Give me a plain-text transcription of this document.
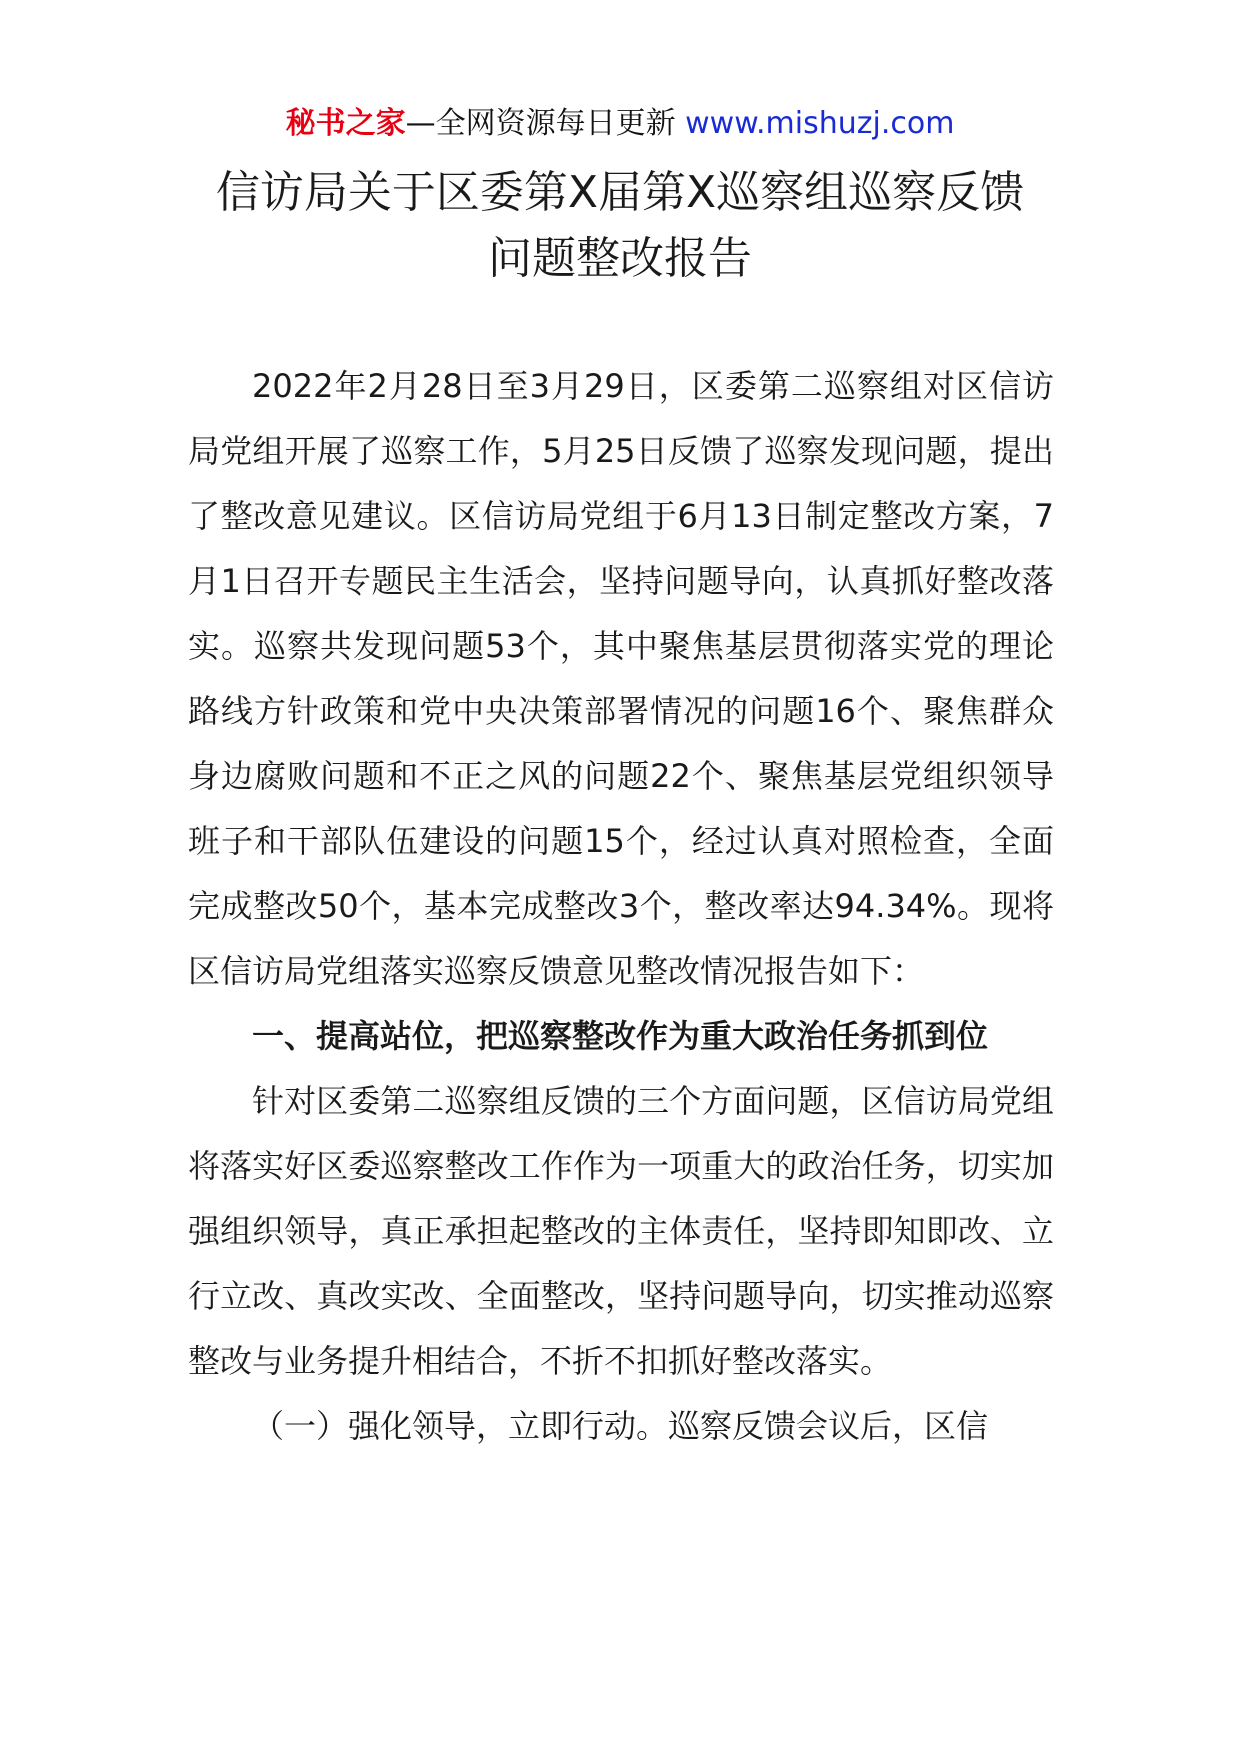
秘书之家—全网资源每日更新 www.mishuzj.com
信访局关于区委第Ⅹ届第Ⅹ巡察组巡察反馈
问题整改报告

2022年2月28日至3月29日，区委第二巡察组对区信访局党组开展了巡察工作，5月25日反馈了巡察发现问题，提出了整改意见建议。区信访局党组于6月13日制定整改方案，7月1日召开专题民主生活会，坚持问题导向，认真抓好整改落实。巡察共发现问题53个，其中聚焦基层贯彻落实党的理论路线方针政策和党中央决策部署情况的问题16个、聚焦群众身边腐败问题和不正之风的问题22个、聚焦基层党组织领导班子和干部队伍建设的问题15个，经过认真对照检查，全面完成整改50个，基本完成整改3个，整改率达94.34%。现将区信访局党组落实巡察反馈意见整改情况报告如下：

一、提高站位，把巡察整改作为重大政治任务抓到位

针对区委第二巡察组反馈的三个方面问题，区信访局党组将落实好区委巡察整改工作作为一项重大的政治任务，切实加强组织领导，真正承担起整改的主体责任，坚持即知即改、立行立改、真改实改、全面整改，坚持问题导向，切实推动巡察整改与业务提升相结合，不折不扣抓好整改落实。

（一）强化领导，立即行动。巡察反馈会议后，区信
